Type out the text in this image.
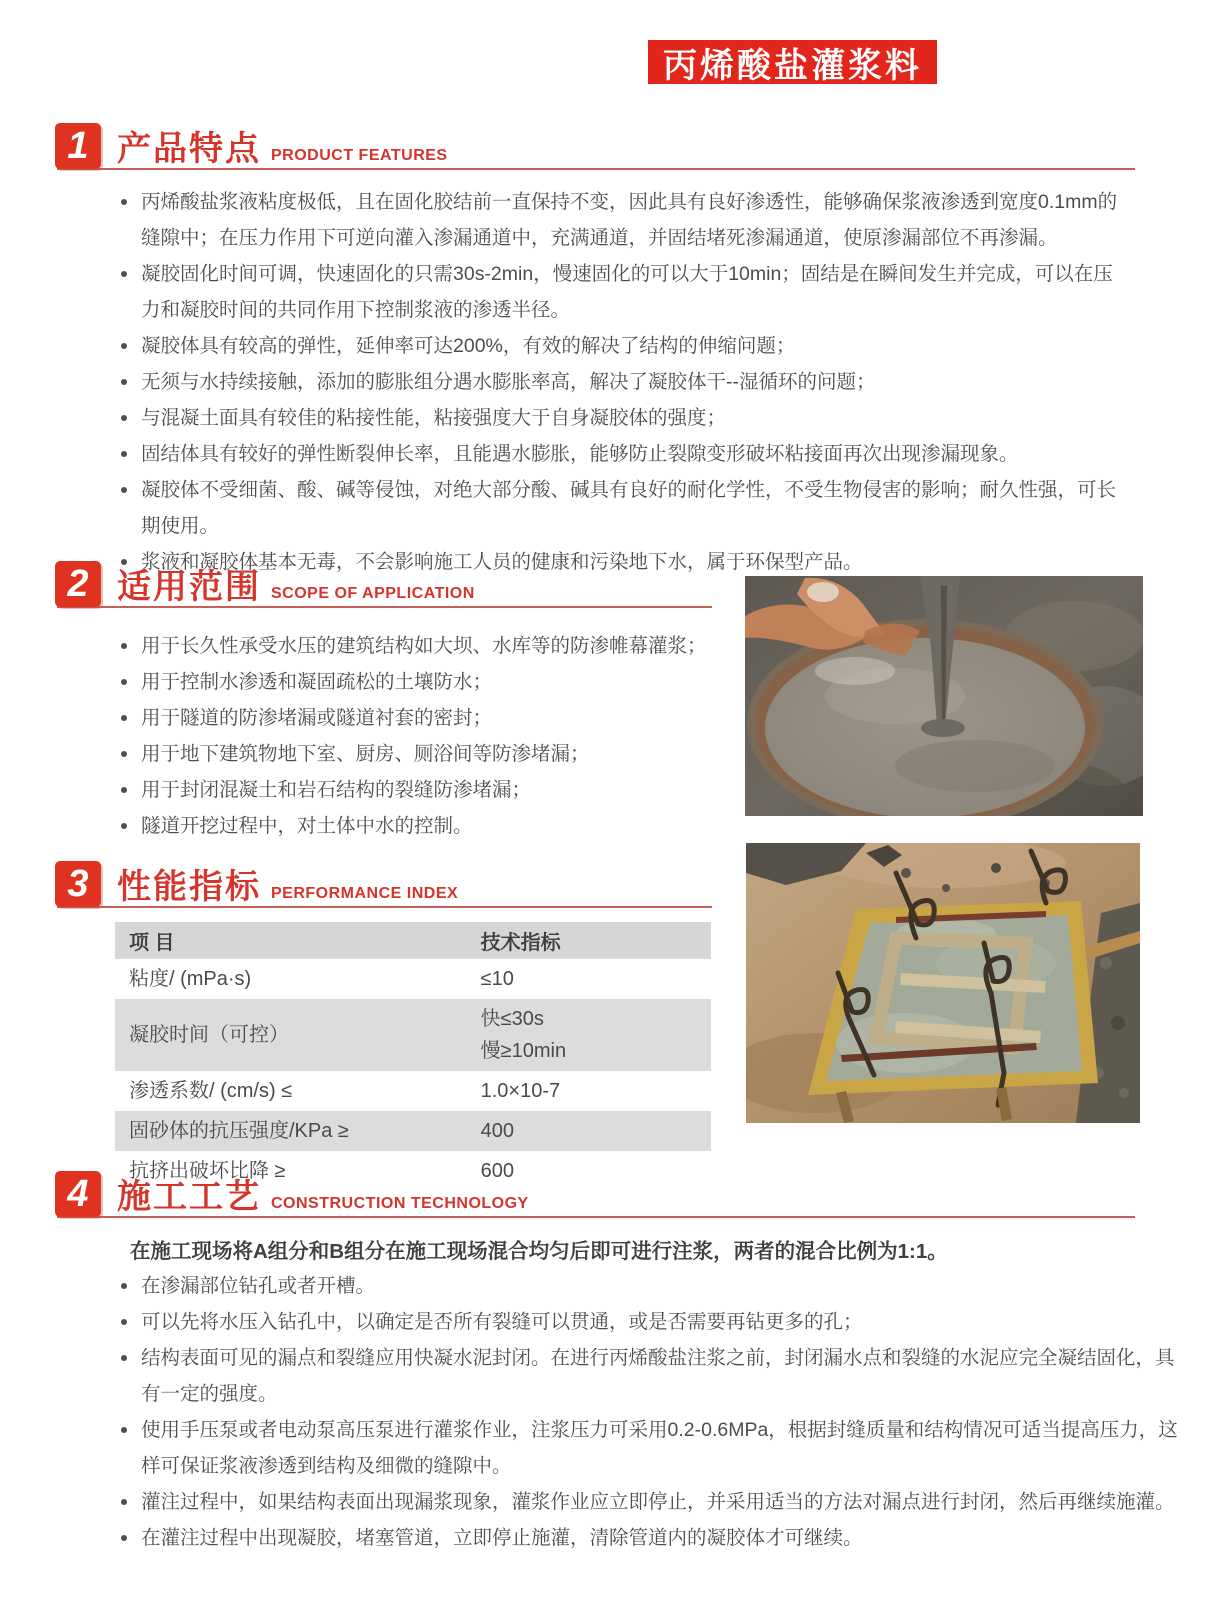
丙烯酸盐灌浆料
1 产品特点 PRODUCT FEATURES
丙烯酸盐浆液粘度极低，且在固化胶结前一直保持不变，因此具有良好渗透性，能够确保浆液渗透到宽度0.1mm的缝隙中；在压力作用下可逆向灌入渗漏通道中，充满通道，并固结堵死渗漏通道，使原渗漏部位不再渗漏。
凝胶固化时间可调，快速固化的只需30s-2min，慢速固化的可以大于10min；固结是在瞬间发生并完成，可以在压力和凝胶时间的共同作用下控制浆液的渗透半径。
凝胶体具有较高的弹性，延伸率可达200%，有效的解决了结构的伸缩问题；
无须与水持续接触，添加的膨胀组分遇水膨胀率高，解决了凝胶体干--湿循环的问题；
与混凝土面具有较佳的粘接性能，粘接强度大于自身凝胶体的强度；
固结体具有较好的弹性断裂伸长率，且能遇水膨胀，能够防止裂隙变形破坏粘接面再次出现渗漏现象。
凝胶体不受细菌、酸、碱等侵蚀，对绝大部分酸、碱具有良好的耐化学性，不受生物侵害的影响；耐久性强，可长期使用。
浆液和凝胶体基本无毒，不会影响施工人员的健康和污染地下水，属于环保型产品。
2 适用范围 SCOPE OF APPLICATION
用于长久性承受水压的建筑结构如大坝、水库等的防渗帷幕灌浆；
用于控制水渗透和凝固疏松的土壤防水；
用于隧道的防渗堵漏或隧道衬套的密封；
用于地下建筑物地下室、厨房、厕浴间等防渗堵漏；
用于封闭混凝土和岩石结构的裂缝防渗堵漏；
隧道开挖过程中，对土体中水的控制。
3 性能指标 PERFORMANCE INDEX
项 目	技术指标

粘度/ (mPa·s)	≤10

凝胶时间（可控）	快≤30s
慢≥10min

渗透系数/ (cm/s) ≤	1.0×10-7

固砂体的抗压强度/KPa ≥	400

抗挤出破坏比降 ≥	600
4 施工工艺 CONSTRUCTION TECHNOLOGY
在施工现场将A组分和B组分在施工现场混合均匀后即可进行注浆，两者的混合比例为1:1。
在渗漏部位钻孔或者开槽。
可以先将水压入钻孔中，以确定是否所有裂缝可以贯通，或是否需要再钻更多的孔；
结构表面可见的漏点和裂缝应用快凝水泥封闭。在进行丙烯酸盐注浆之前，封闭漏水点和裂缝的水泥应完全凝结固化，具有一定的强度。
使用手压泵或者电动泵高压泵进行灌浆作业，注浆压力可采用0.2-0.6MPa，根据封缝质量和结构情况可适当提高压力，这样可保证浆液渗透到结构及细微的缝隙中。
灌注过程中，如果结构表面出现漏浆现象，灌浆作业应立即停止，并采用适当的方法对漏点进行封闭，然后再继续施灌。
在灌注过程中出现凝胶，堵塞管道，立即停止施灌，清除管道内的凝胶体才可继续。
